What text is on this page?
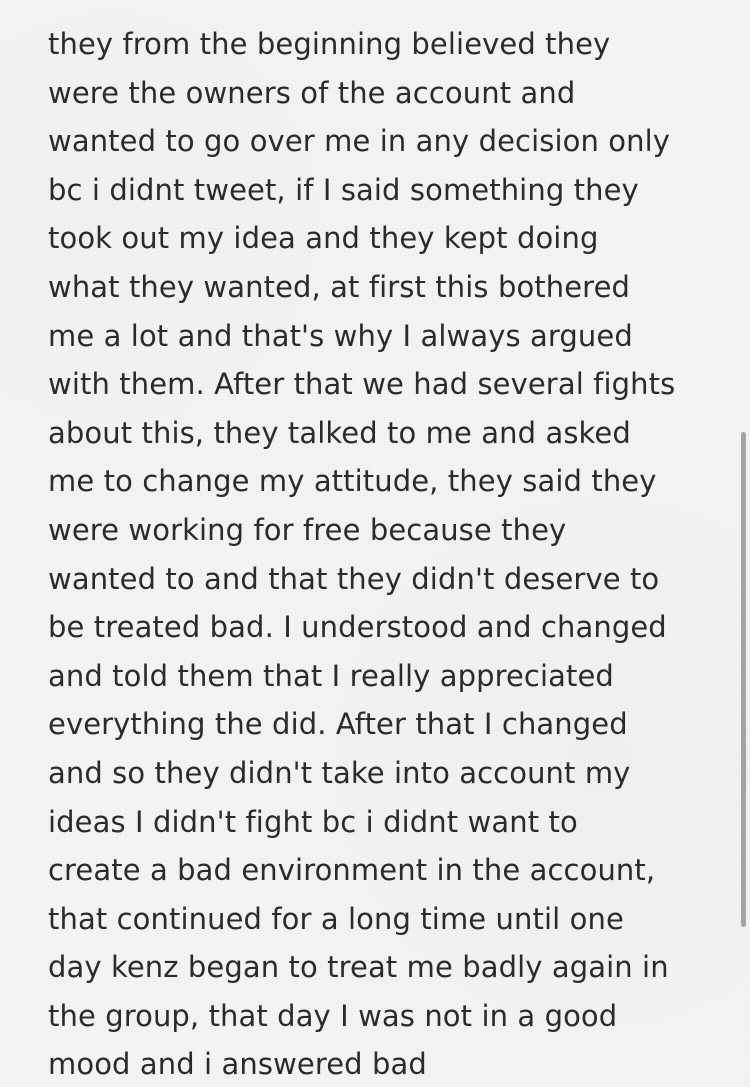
they from the beginning believed they
were the owners of the account and
wanted to go over me in any decision only
bc i didnt tweet, if I said something they
took out my idea and they kept doing
what they wanted, at first this bothered
me a lot and that's why I always argued
with them. After that we had several fights
about this, they talked to me and asked
me to change my attitude, they said they
were working for free because they
wanted to and that they didn't deserve to
be treated bad. I understood and changed
and told them that I really appreciated
everything the did. After that I changed
and so they didn't take into account my
ideas I didn't fight bc i didnt want to
create a bad environment in the account,
that continued for a long time until one
day kenz began to treat me badly again in
the group, that day I was not in a good
mood and i answered bad
